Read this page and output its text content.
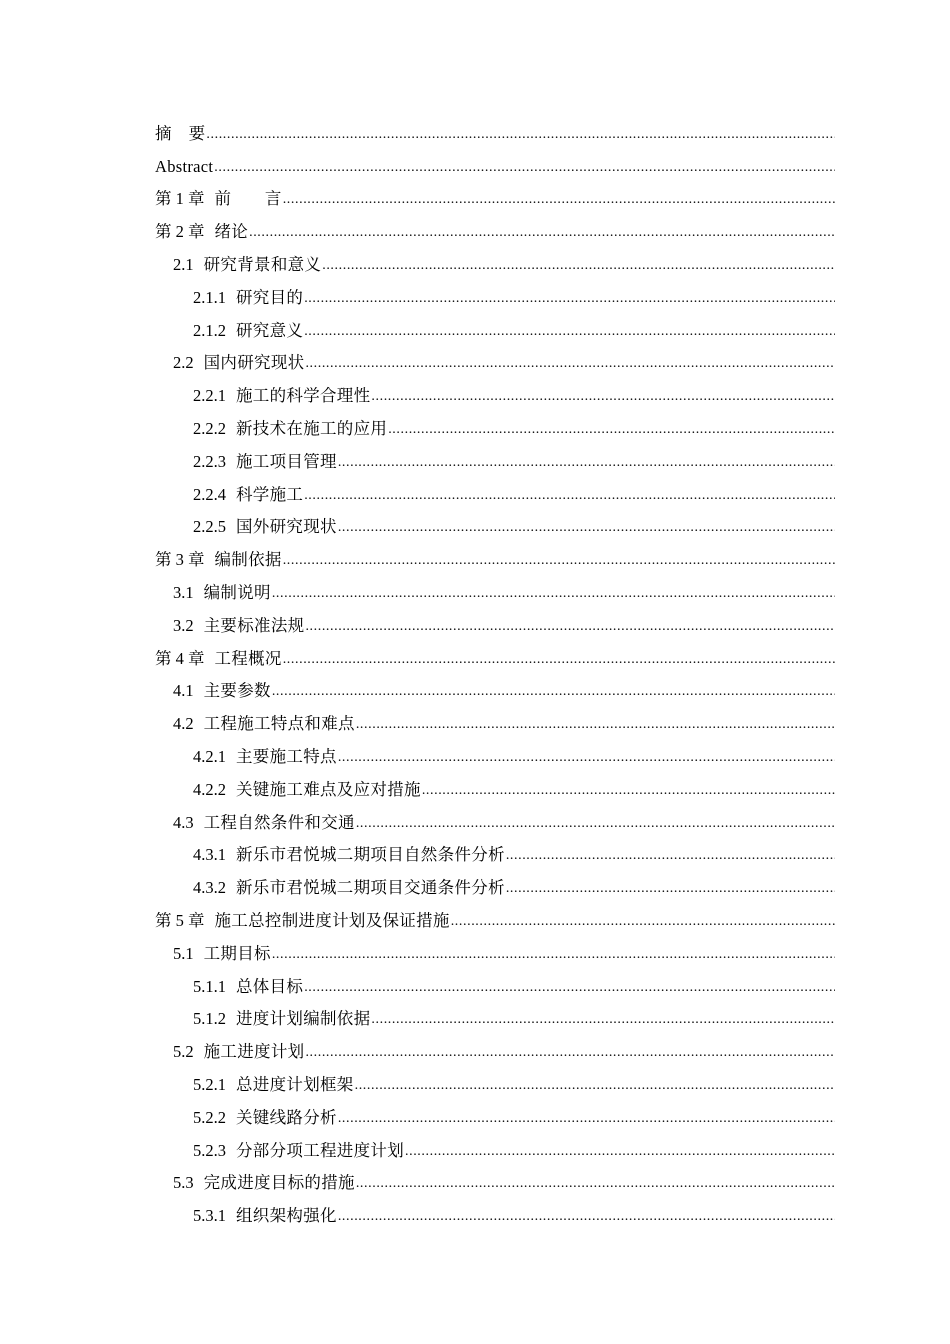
摘　要
.....
Abstract
.....
第 1 章 前　　言
.....
第 2 章 绪论
.....
2.1 研究背景和意义
.....
2.1.1 研究目的
.....
2.1.2 研究意义
.....
2.2 国内研究现状
.....
2.2.1 施工的科学合理性
.....
2.2.2 新技术在施工的应用
.....
2.2.3 施工项目管理
.....
2.2.4 科学施工
.....
2.2.5 国外研究现状
.....
第 3 章 编制依据
.....
3.1 编制说明
.....
3.2 主要标准法规
.....
第 4 章 工程概况
.....
4.1 主要参数
.....
4.2 工程施工特点和难点
.....
4.2.1 主要施工特点
.....
4.2.2 关键施工难点及应对措施
.....
4.3 工程自然条件和交通
.....
4.3.1 新乐市君悦城二期项目自然条件分析
.....
4.3.2 新乐市君悦城二期项目交通条件分析
.....
第 5 章 施工总控制进度计划及保证措施
.....
5.1 工期目标
.....
5.1.1 总体目标
.....
5.1.2 进度计划编制依据
.....
5.2 施工进度计划
.....
5.2.1 总进度计划框架
.....
5.2.2 关键线路分析
.....
5.2.3 分部分项工程进度计划
.....
5.3 完成进度目标的措施
.....
5.3.1 组织架构强化
.....
